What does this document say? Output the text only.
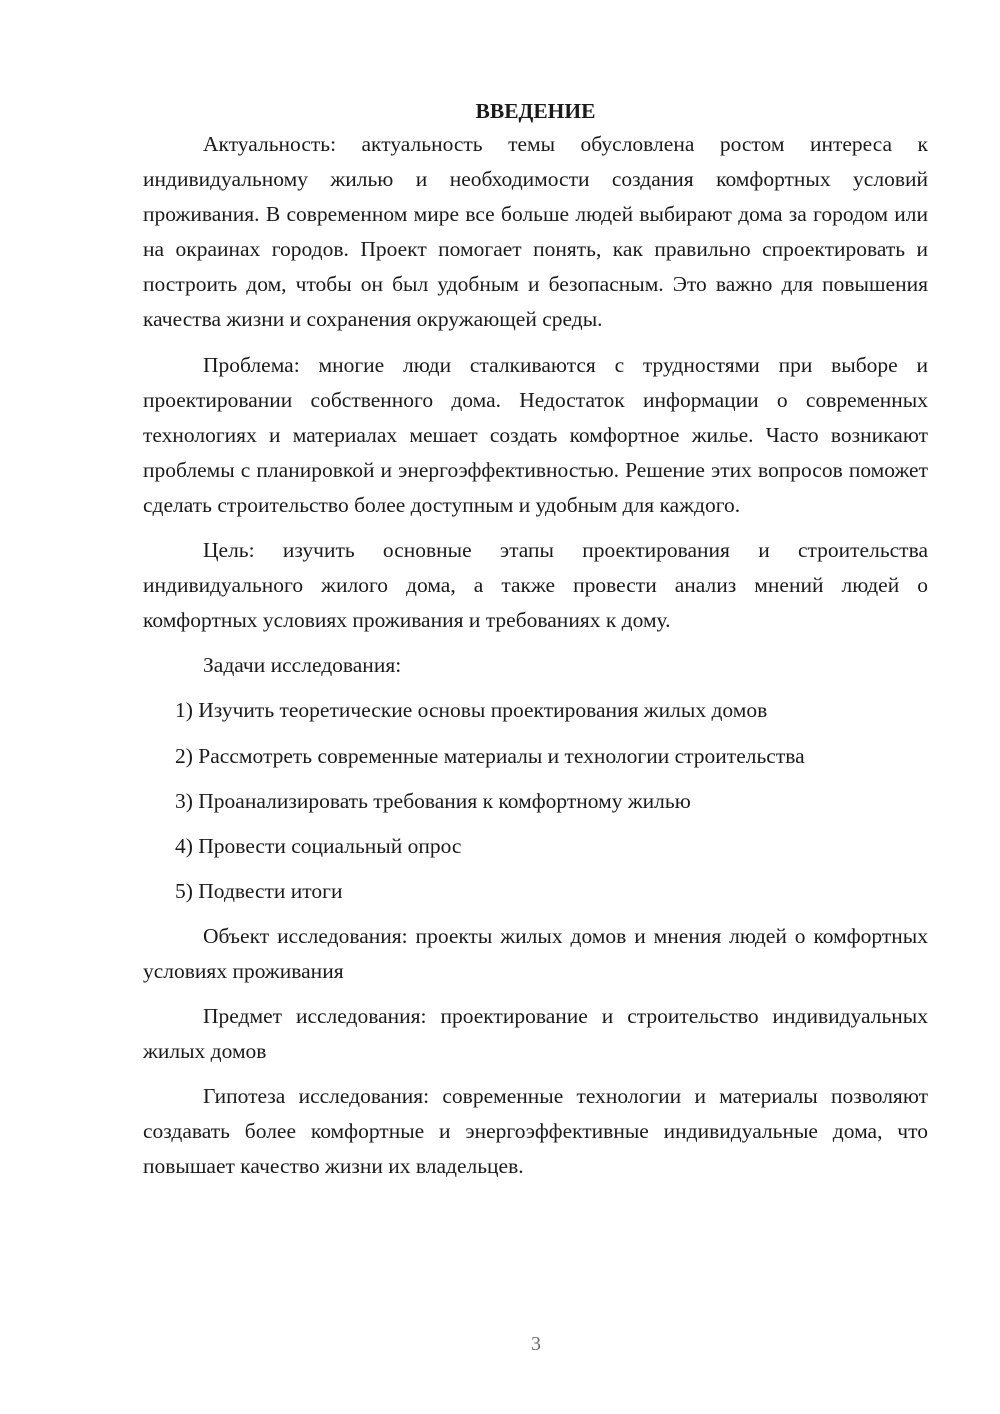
ВВЕДЕНИЕ

Актуальность: актуальность темы обусловлена ростом интереса к индивидуальному жилью и необходимости создания комфортных условий проживания. В современном мире все больше людей выбирают дома за городом или на окраинах городов. Проект помогает понять, как правильно спроектировать и построить дом, чтобы он был удобным и безопасным. Это важно для повышения качества жизни и сохранения окружающей среды.

Проблема: многие люди сталкиваются с трудностями при выборе и проектировании собственного дома. Недостаток информации о современных технологиях и материалах мешает создать комфортное жилье. Часто возникают проблемы с планировкой и энергоэффективностью. Решение этих вопросов поможет сделать строительство более доступным и удобным для каждого.

Цель: изучить основные этапы проектирования и строительства индивидуального жилого дома, а также провести анализ мнений людей о комфортных условиях проживания и требованиях к дому.

Задачи исследования:

1) Изучить теоретические основы проектирования жилых домов
2) Рассмотреть современные материалы и технологии строительства
3) Проанализировать требования к комфортному жилью
4) Провести социальный опрос
5) Подвести итоги

Объект исследования: проекты жилых домов и мнения людей о комфортных условиях проживания

Предмет исследования: проектирование и строительство индивидуальных жилых домов

Гипотеза исследования: современные технологии и материалы позволяют создавать более комфортные и энергоэффективные индивидуальные дома, что повышает качество жизни их владельцев.

3
